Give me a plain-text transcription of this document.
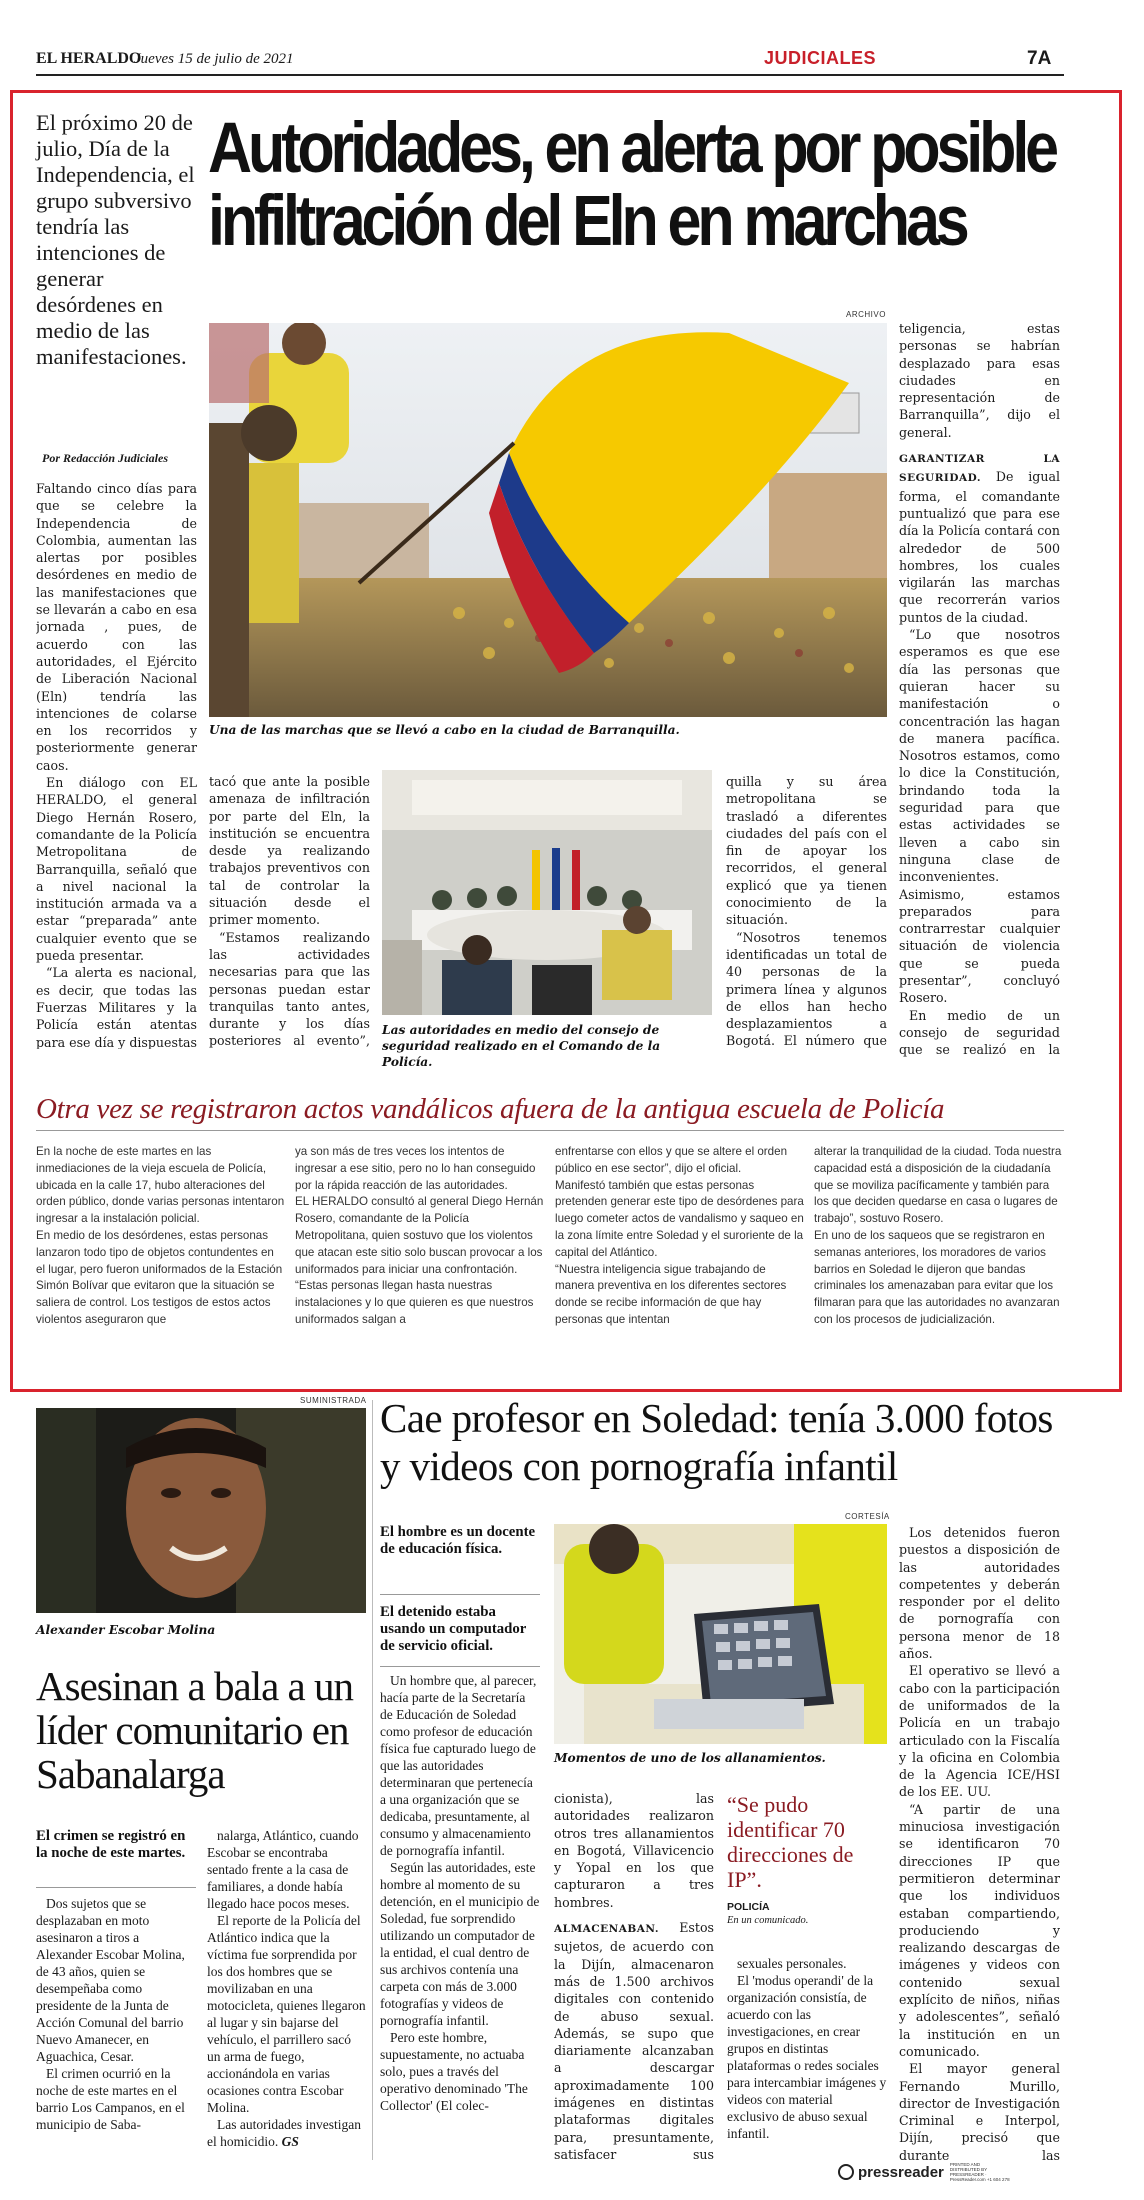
EL HERALDO
Jueves 15 de julio de 2021	JUDICIALES	7A
El próximo 20 de julio, Día de la Independencia, el grupo subversivo tendría las intenciones de generar desórdenes en medio de las manifestaciones.
Autoridades, en alerta por posible infiltración del Eln en marchas
ARCHIVO
Una de las marchas que se llevó a cabo en la ciudad de Barranquilla.
Por Redacción Judiciales

Faltando cinco días para que se celebre la Independencia de Colombia, aumentan las alertas por posibles desórdenes en medio de las manifestaciones que se llevarán a cabo en esa jornada , pues, de acuerdo con las autoridades, el Ejército de Liberación Nacional (Eln) tendría las intenciones de colarse en los recorridos y posteriormente generar caos.

En diálogo con EL HERALDO, el general Diego Hernán Rosero, comandante de la Policía Metropolitana de Barranquilla, señaló que a nivel nacional la institución armada va a estar “preparada” ante cualquier evento que se pueda presentar.

“La alerta es nacional, es decir, que todas las Fuerzas Militares y la Policía están atentas para ese día y dispuestas

tacó que ante la posible amenaza de infiltración por parte del Eln, la institución se encuentra desde ya realizando trabajos preventivos con tal de controlar la situación desde el primer momento.

“Estamos realizando las actividades necesarias para que las personas puedan estar tranquilas tanto antes, durante y los días posteriores al evento”,

Las autoridades en medio del consejo de seguridad realizado en el Comando de la Policía.

quilla y su área metropolitana se trasladó a diferentes ciudades del país con el fin de apoyar los recorridos, el general explicó que ya tienen conocimiento de la situación.

“Nosotros tenemos identificadas un total de 40 personas de la primera línea y algunos de ellos han hecho desplazamientos a Bogotá. El número que

teligencia, estas personas se habrían desplazado para esas ciudades en representación de Barranquilla”, dijo el general.

GARANTIZAR LA SEGURIDAD. De igual forma, el comandante puntualizó que para ese día la Policía contará con alrededor de 500 hombres, los cuales vigilarán las marchas que recorrerán varios puntos de la ciudad.

“Lo que nosotros esperamos es que ese día las personas que quieran hacer su manifestación o concentración las hagan de manera pacífica. Nosotros estamos, como lo dice la Constitución, brindando toda la seguridad para que estas actividades se lleven a cabo sin ninguna clase de inconvenientes. Asimismo, estamos preparados para contrarrestar cualquier situación de violencia que se pueda presentar”, concluyó Rosero.

En medio de un consejo de seguridad que se realizó en la

Otra vez se registraron actos vandálicos afuera de la antigua escuela de Policía
En la noche de este martes en las inmediaciones de la vieja escuela de Policía, ubicada en la calle 17, hubo alteraciones del orden público, donde varias personas intentaron ingresar a la instalación policial.
En medio de los desórdenes, estas personas lanzaron todo tipo de objetos contundentes en el lugar, pero fueron uniformados de la Estación Simón Bolívar que evitaron que la situación se saliera de control. Los testigos de estos actos violentos aseguraron que
ya son más de tres veces los intentos de ingresar a ese sitio, pero no lo han conseguido por la rápida reacción de las autoridades.
EL HERALDO consultó al general Diego Hernán Rosero, comandante de la Policía Metropolitana, quien sostuvo que los violentos que atacan este sitio solo buscan provocar a los uniformados para iniciar una confrontación.
“Estas personas llegan hasta nuestras instalaciones y lo que quieren es que nuestros uniformados salgan a
enfrentarse con ellos y que se altere el orden público en ese sector”, dijo el oficial.
Manifestó también que estas personas pretenden generar este tipo de desórdenes para luego cometer actos de vandalismo y saqueo en la zona límite entre Soledad y el suroriente de la capital del Atlántico.
“Nuestra inteligencia sigue trabajando de manera preventiva en los diferentes sectores donde se recibe información de que hay personas que intentan
alterar la tranquilidad de la ciudad. Toda nuestra capacidad está a disposición de la ciudadanía que se moviliza pacíficamente y también para los que deciden quedarse en casa o lugares de trabajo”, sostuvo Rosero.
En uno de los saqueos que se registraron en semanas anteriores, los moradores de varios barrios en Soledad le dijeron que bandas criminales los amenazaban para evitar que los filmaran para que las autoridades no avanzaran con los procesos de judicialización.
SUMINISTRADA
Alexander Escobar Molina
Asesinan a bala a un líder comunitario en Sabanalarga
El crimen se registró en la noche de este martes.

Dos sujetos que se desplazaban en moto asesinaron a tiros a Alexander Escobar Molina, de 43 años, quien se desempeñaba como presidente de la Junta de Acción Comunal del barrio Nuevo Amanecer, en Aguachica, Cesar.

El crimen ocurrió en la noche de este martes en el barrio Los Campanos, en el municipio de Saba-

nalarga, Atlántico, cuando Escobar se encontraba sentado frente a la casa de familiares, a donde había llegado hace pocos meses.

El reporte de la Policía del Atlántico indica que la víctima fue sorprendida por los dos hombres que se movilizaban en una motocicleta, quienes llegaron al lugar y sin bajarse del vehículo, el parrillero sacó un arma de fuego, accionándola en varias ocasiones contra Escobar Molina.

Las autoridades investigan el homicidio. GS

Cae profesor en Soledad: tenía 3.000 fotos y videos con pornografía infantil
El hombre es un docente de educación física.
El detenido estaba usando un computador de servicio oficial.

Un hombre que, al parecer, hacía parte de la Secretaría de Educación de Soledad como profesor de educación física fue capturado luego de que las autoridades determinaran que pertenecía a una organización que se dedicaba, presuntamente, al consumo y almacenamiento de pornografía infantil.

Según las autoridades, este hombre al momento de su detención, en el municipio de Soledad, fue sorprendido utilizando un computador de la entidad, el cual dentro de sus archivos contenía una carpeta con más de 3.000 fotografías y videos de pornografía infantil.

Pero este hombre, supuestamente, no actuaba solo, pues a través del operativo denominado 'The Collector' (El colec-

CORTESÍA
Momentos de uno de los allanamientos.

cionista), las autoridades realizaron otros tres allanamientos en Bogotá, Villavicencio y Yopal en los que capturaron a tres hombres.

ALMACENABAN. Estos sujetos, de acuerdo con la Dijín, almacenaron más de 1.500 archivos digitales con contenido de abuso sexual. Además, se supo que diariamente alcanzaban a descargar aproximadamente 100 imágenes en distintas plataformas digitales para, presuntamente, satisfacer sus

“Se pudo identificar 70 direcciones de IP”.
POLICÍA
En un comunicado.

sexuales personales.

El 'modus operandi' de la organización consistía, de acuerdo con las investigaciones, en crear grupos en distintas plataformas o redes sociales para intercambiar imágenes y videos con material exclusivo de abuso sexual infantil.

Los detenidos fueron puestos a disposición de las autoridades competentes y deberán responder por el delito de pornografía con persona menor de 18 años.

El operativo se llevó a cabo con la participación de uniformados de la Policía en un trabajo articulado con la Fiscalía y la oficina en Colombia de la Agencia ICE/HSI de los EE. UU.

“A partir de una minuciosa investigación se identificaron 70 direcciones IP que permitieron determinar que los individuos estaban compartiendo, produciendo y realizando descargas de imágenes y videos con contenido sexual explícito de niños, niñas y adolescentes”, señaló la institución en un comunicado.

El mayor general Fernando Murillo, director de Investigación Criminal e Interpol, Dijín, precisó que durante las

pressreader PRINTED AND DISTRIBUTED BY PRESSREADER · PressReader.com +1 604 278
